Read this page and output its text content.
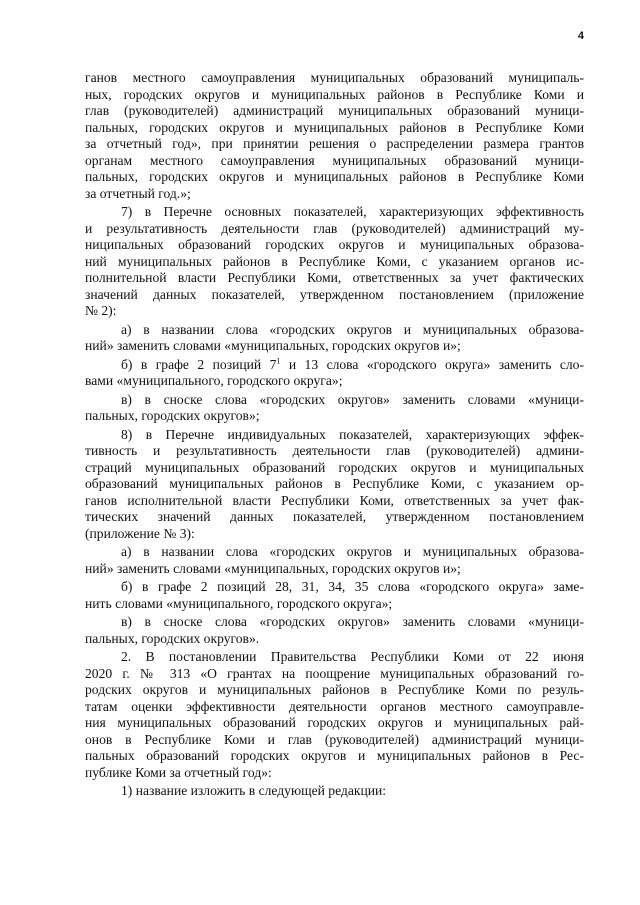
4
ганов местного самоуправления муниципальных образований муниципаль-
ных, городских округов и муниципальных районов в Республике Коми и
глав (руководителей) администраций муниципальных образований муници-
пальных, городских округов и муниципальных районов в Республике Коми
за отчетный год», при принятии решения о распределении размера грантов
органам местного самоуправления муниципальных образований муници-
пальных, городских округов и муниципальных районов в Республике Коми
за отчетный год.»;
7) в Перечне основных показателей, характеризующих эффективность
и результативность деятельности глав (руководителей) администраций му-
ниципальных образований городских округов и муниципальных образова-
ний муниципальных районов в Республике Коми, с указанием органов ис-
полнительной власти Республики Коми, ответственных за учет фактических
значений данных показателей, утвержденном постановлением (приложение
№ 2):
а) в названии слова «городских округов и муниципальных образова-
ний» заменить словами «муниципальных, городских округов и»;
б) в графе 2 позиций $7^1$ и 13 слова «городского округа» заменить сло-
вами «муниципального, городского округа»;
в) в сноске слова «городских округов» заменить словами «муници-
пальных, городских округов»;
8) в Перечне индивидуальных показателей, характеризующих эффек-
тивность и результативность деятельности глав (руководителей) админи-
страций муниципальных образований городских округов и муниципальных
образований муниципальных районов в Республике Коми, с указанием ор-
ганов исполнительной власти Республики Коми, ответственных за учет фак-
тических значений данных показателей, утвержденном постановлением
(приложение № 3):
а) в названии слова «городских округов и муниципальных образова-
ний» заменить словами «муниципальных, городских округов и»;
б) в графе 2 позиций 28, 31, 34, 35 слова «городского округа» заме-
нить словами «муниципального, городского округа»;
в) в сноске слова «городских округов» заменить словами «муници-
пальных, городских округов».
2. В постановлении Правительства Республики Коми от 22 июня
2020 г. № 313 «О грантах на поощрение муниципальных образований го-
родских округов и муниципальных районов в Республике Коми по резуль-
татам оценки эффективности деятельности органов местного самоуправле-
ния муниципальных образований городских округов и муниципальных рай-
онов в Республике Коми и глав (руководителей) администраций муници-
пальных образований городских округов и муниципальных районов в Рес-
публике Коми за отчетный год»:
1) название изложить в следующей редакции:
